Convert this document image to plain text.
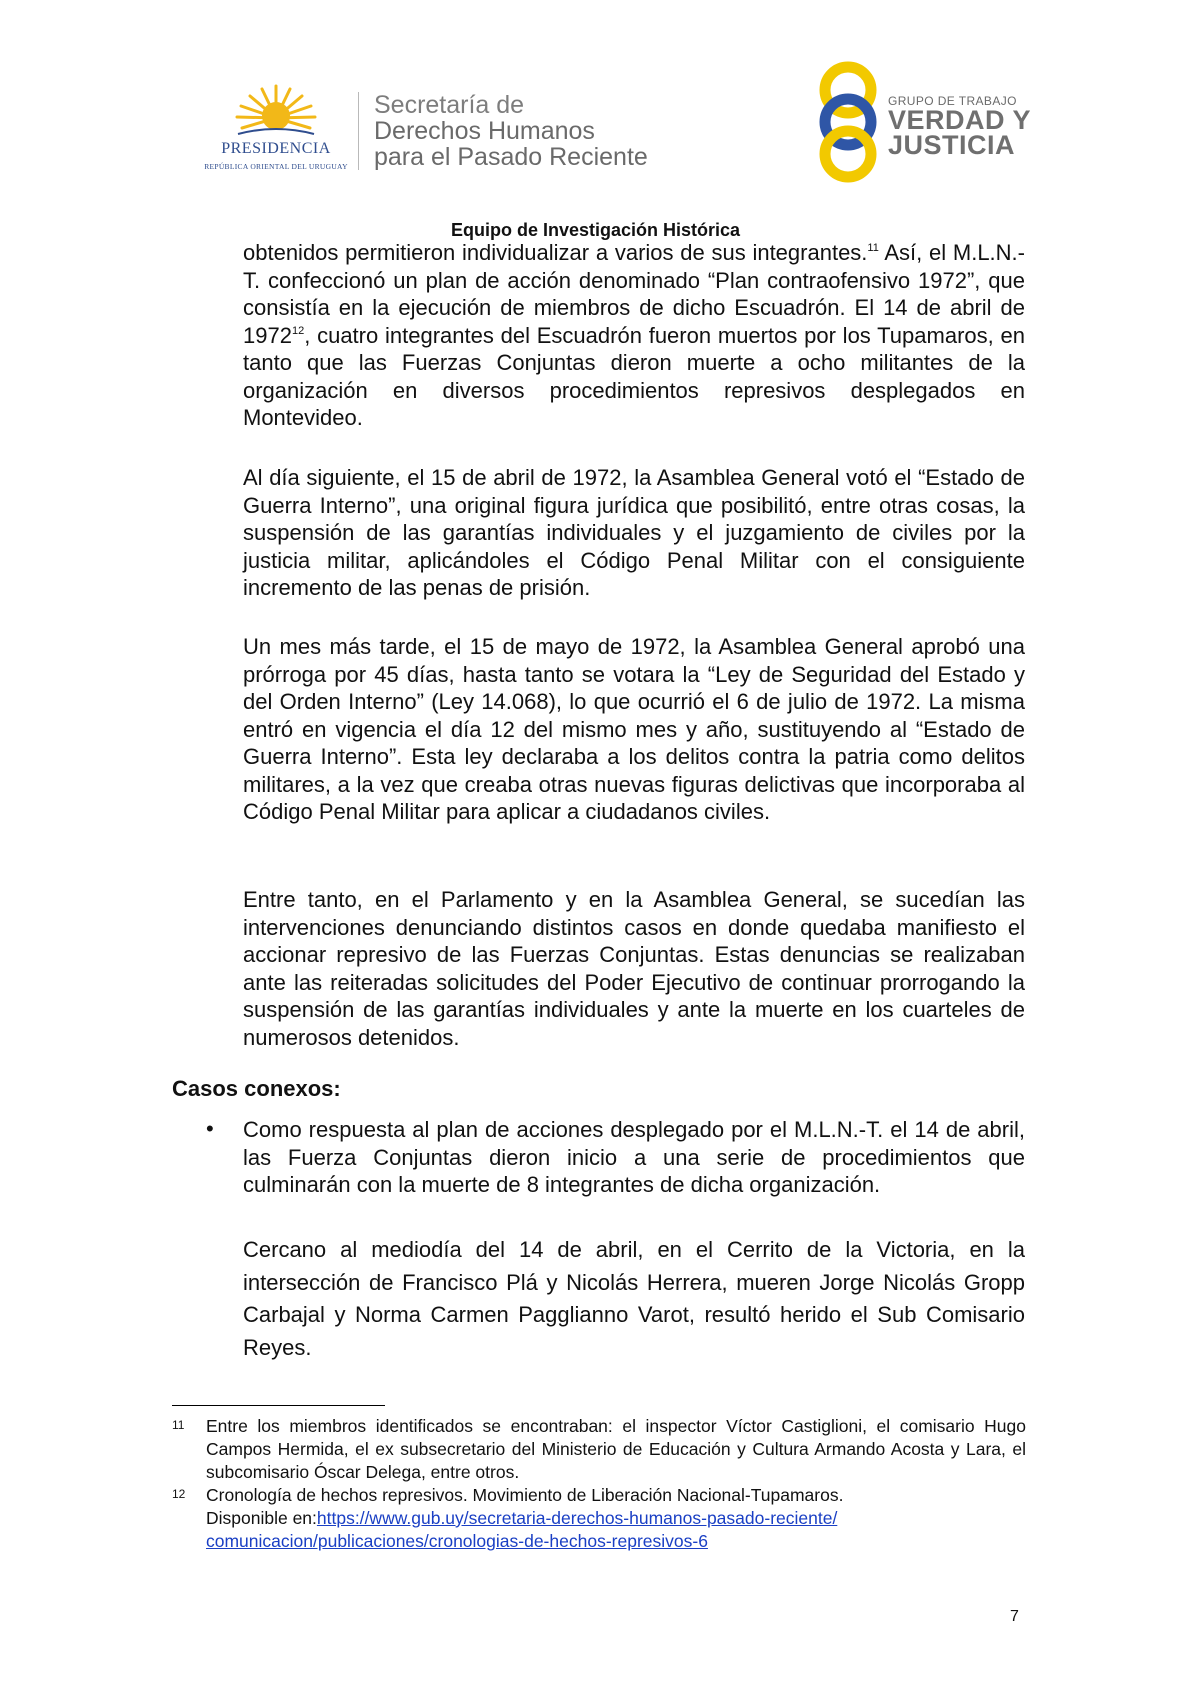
PRESIDENCIA
REPÚBLICA ORIENTAL DEL URUGUAY
Secretaría de
Derechos Humanos
para el Pasado Reciente
GRUPO DE TRABAJO
VERDAD Y
JUSTICIA
Equipo de Investigación Histórica

obtenidos permitieron individualizar a varios de sus integrantes.$^{11}$ Así, el M.L.N.-T. confeccionó un plan de acción denominado “Plan contraofensivo 1972”, que consistía en la ejecución de miembros de dicho Escuadrón. El 14 de abril de 1972$^{12}$, cuatro integrantes del Escuadrón fueron muertos por los Tupamaros, en tanto que las Fuerzas Conjuntas dieron muerte a ocho militantes de la organización en diversos procedimientos represivos desplegados en Montevideo.

Al día siguiente, el 15 de abril de 1972, la Asamblea General votó el “Estado de Guerra Interno”, una original figura jurídica que posibilitó, entre otras cosas, la suspensión de las garantías individuales y el juzgamiento de civiles por la justicia militar, aplicándoles el Código Penal Militar con el consiguiente incremento de las penas de prisión.

Un mes más tarde, el 15 de mayo de 1972, la Asamblea General aprobó una prórroga por 45 días, hasta tanto se votara la “Ley de Seguridad del Estado y del Orden Interno” (Ley 14.068), lo que ocurrió el 6 de julio de 1972. La misma entró en vigencia el día 12 del mismo mes y año, sustituyendo al “Estado de Guerra Interno”. Esta ley declaraba a los delitos contra la patria como delitos militares, a la vez que creaba otras nuevas figuras delictivas que incorporaba al Código Penal Militar para aplicar a ciudadanos civiles.

Entre tanto, en el Parlamento y en la Asamblea General, se sucedían las intervenciones denunciando distintos casos en donde quedaba manifiesto el accionar represivo de las Fuerzas Conjuntas. Estas denuncias se realizaban ante las reiteradas solicitudes del Poder Ejecutivo de continuar prorrogando la suspensión de las garantías individuales y ante la muerte en los cuarteles de numerosos detenidos.

Casos conexos:
• Como respuesta al plan de acciones desplegado por el M.L.N.-T. el 14 de abril, las Fuerza Conjuntas dieron inicio a una serie de procedimientos que culminarán con la muerte de 8 integrantes de dicha organización.

Cercano al mediodía del 14 de abril, en el Cerrito de la Victoria, en la intersección de Francisco Plá y Nicolás Herrera, mueren Jorge Nicolás Gropp Carbajal y Norma Carmen Pagglianno Varot, resultó herido el Sub Comisario Reyes.

11 Entre los miembros identificados se encontraban: el inspector Víctor Castiglioni, el comisario Hugo Campos Hermida, el ex subsecretario del Ministerio de Educación y Cultura Armando Acosta y Lara, el subcomisario Óscar Delega, entre otros.

12 Cronología de hechos represivos. Movimiento de Liberación Nacional-Tupamaros.
Disponible en:https://www.gub.uy/secretaria-derechos-humanos-pasado-reciente/
comunicacion/publicaciones/cronologias-de-hechos-represivos-6

7
